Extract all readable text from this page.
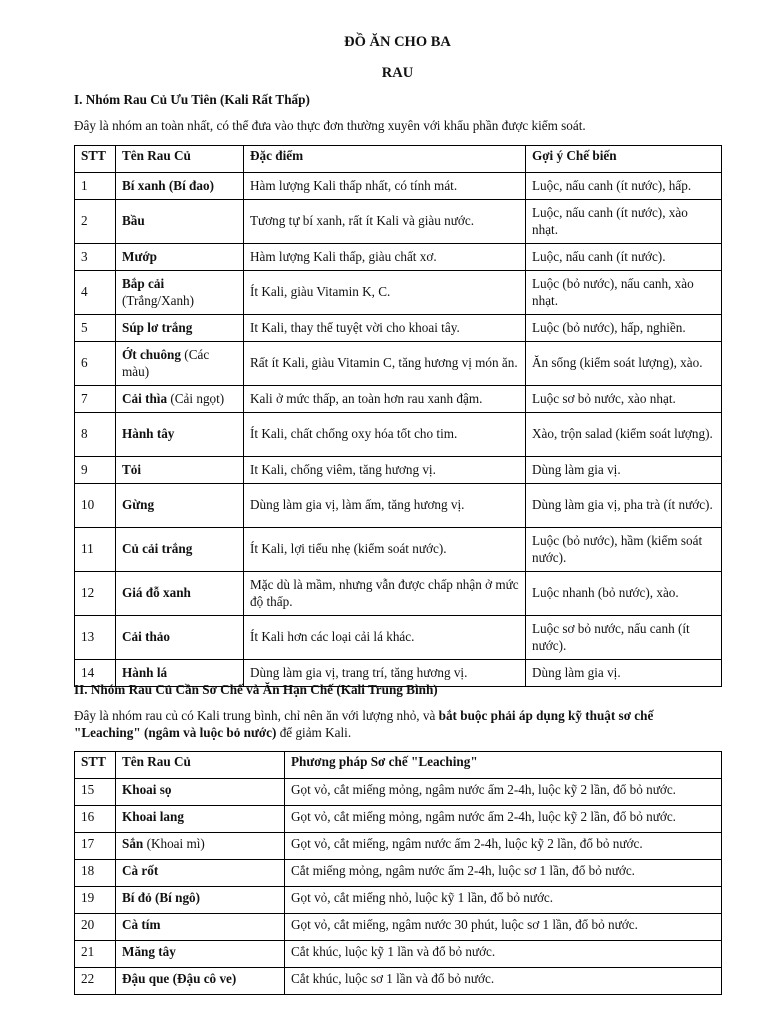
ĐỒ ĂN CHO BA
RAU
I. Nhóm Rau Củ Ưu Tiên (Kali Rất Thấp)
Đây là nhóm an toàn nhất, có thể đưa vào thực đơn thường xuyên với khẩu phần được kiểm soát.
STT	Tên Rau Củ	Đặc điểm	Gợi ý Chế biến
1	Bí xanh (Bí đao)	Hàm lượng Kali thấp nhất, có tính mát.	Luộc, nấu canh (ít nước), hấp.
2	Bầu	Tương tự bí xanh, rất ít Kali và giàu nước.	Luộc, nấu canh (ít nước), xào nhạt.
3	Mướp	Hàm lượng Kali thấp, giàu chất xơ.	Luộc, nấu canh (ít nước).
4	Bắp cải (Trắng/Xanh)	Ít Kali, giàu Vitamin K, C.	Luộc (bỏ nước), nấu canh, xào nhạt.
5	Súp lơ trắng	It Kali, thay thế tuyệt vời cho khoai tây.	Luộc (bỏ nước), hấp, nghiền.
6	Ớt chuông (Các màu)	Rất ít Kali, giàu Vitamin C, tăng hương vị món ăn.	Ăn sống (kiểm soát lượng), xào.
7	Cải thìa (Cải ngọt)	Kali ở mức thấp, an toàn hơn rau xanh đậm.	Luộc sơ bỏ nước, xào nhạt.
8	Hành tây	Ít Kali, chất chống oxy hóa tốt cho tim.	Xào, trộn salad (kiểm soát lượng).
9	Tỏi	It Kali, chống viêm, tăng hương vị.	Dùng làm gia vị.
10	Gừng	Dùng làm gia vị, làm ấm, tăng hương vị.	Dùng làm gia vị, pha trà (ít nước).
11	Củ cải trắng	Ít Kali, lợi tiểu nhẹ (kiểm soát nước).	Luộc (bỏ nước), hầm (kiểm soát nước).
12	Giá đỗ xanh	Mặc dù là mầm, nhưng vẫn được chấp nhận ở mức độ thấp.	Luộc nhanh (bỏ nước), xào.
13	Cải thảo	Ít Kali hơn các loại cải lá khác.	Luộc sơ bỏ nước, nấu canh (ít nước).
14	Hành lá	Dùng làm gia vị, trang trí, tăng hương vị.	Dùng làm gia vị.
II. Nhóm Rau Củ Cần Sơ Chế và Ăn Hạn Chế (Kali Trung Bình)
Đây là nhóm rau củ có Kali trung bình, chỉ nên ăn với lượng nhỏ, và bắt buộc phải áp dụng kỹ thuật sơ chế "Leaching" (ngâm và luộc bỏ nước) để giảm Kali.
STT	Tên Rau Củ	Phương pháp Sơ chế "Leaching"
15	Khoai sọ	Gọt vỏ, cắt miếng mỏng, ngâm nước ấm 2-4h, luộc kỹ 2 lần, đổ bỏ nước.
16	Khoai lang	Gọt vỏ, cắt miếng mỏng, ngâm nước ấm 2-4h, luộc kỹ 2 lần, đổ bỏ nước.
17	Sắn (Khoai mì)	Gọt vỏ, cắt miếng, ngâm nước ấm 2-4h, luộc kỹ 2 lần, đổ bỏ nước.
18	Cà rốt	Cắt miếng mỏng, ngâm nước ấm 2-4h, luộc sơ 1 lần, đổ bỏ nước.
19	Bí đỏ (Bí ngô)	Gọt vỏ, cắt miếng nhỏ, luộc kỹ 1 lần, đổ bỏ nước.
20	Cà tím	Gọt vỏ, cắt miếng, ngâm nước 30 phút, luộc sơ 1 lần, đổ bỏ nước.
21	Măng tây	Cắt khúc, luộc kỹ 1 lần và đổ bỏ nước.
22	Đậu que (Đậu cô ve)	Cắt khúc, luộc sơ 1 lần và đổ bỏ nước.
